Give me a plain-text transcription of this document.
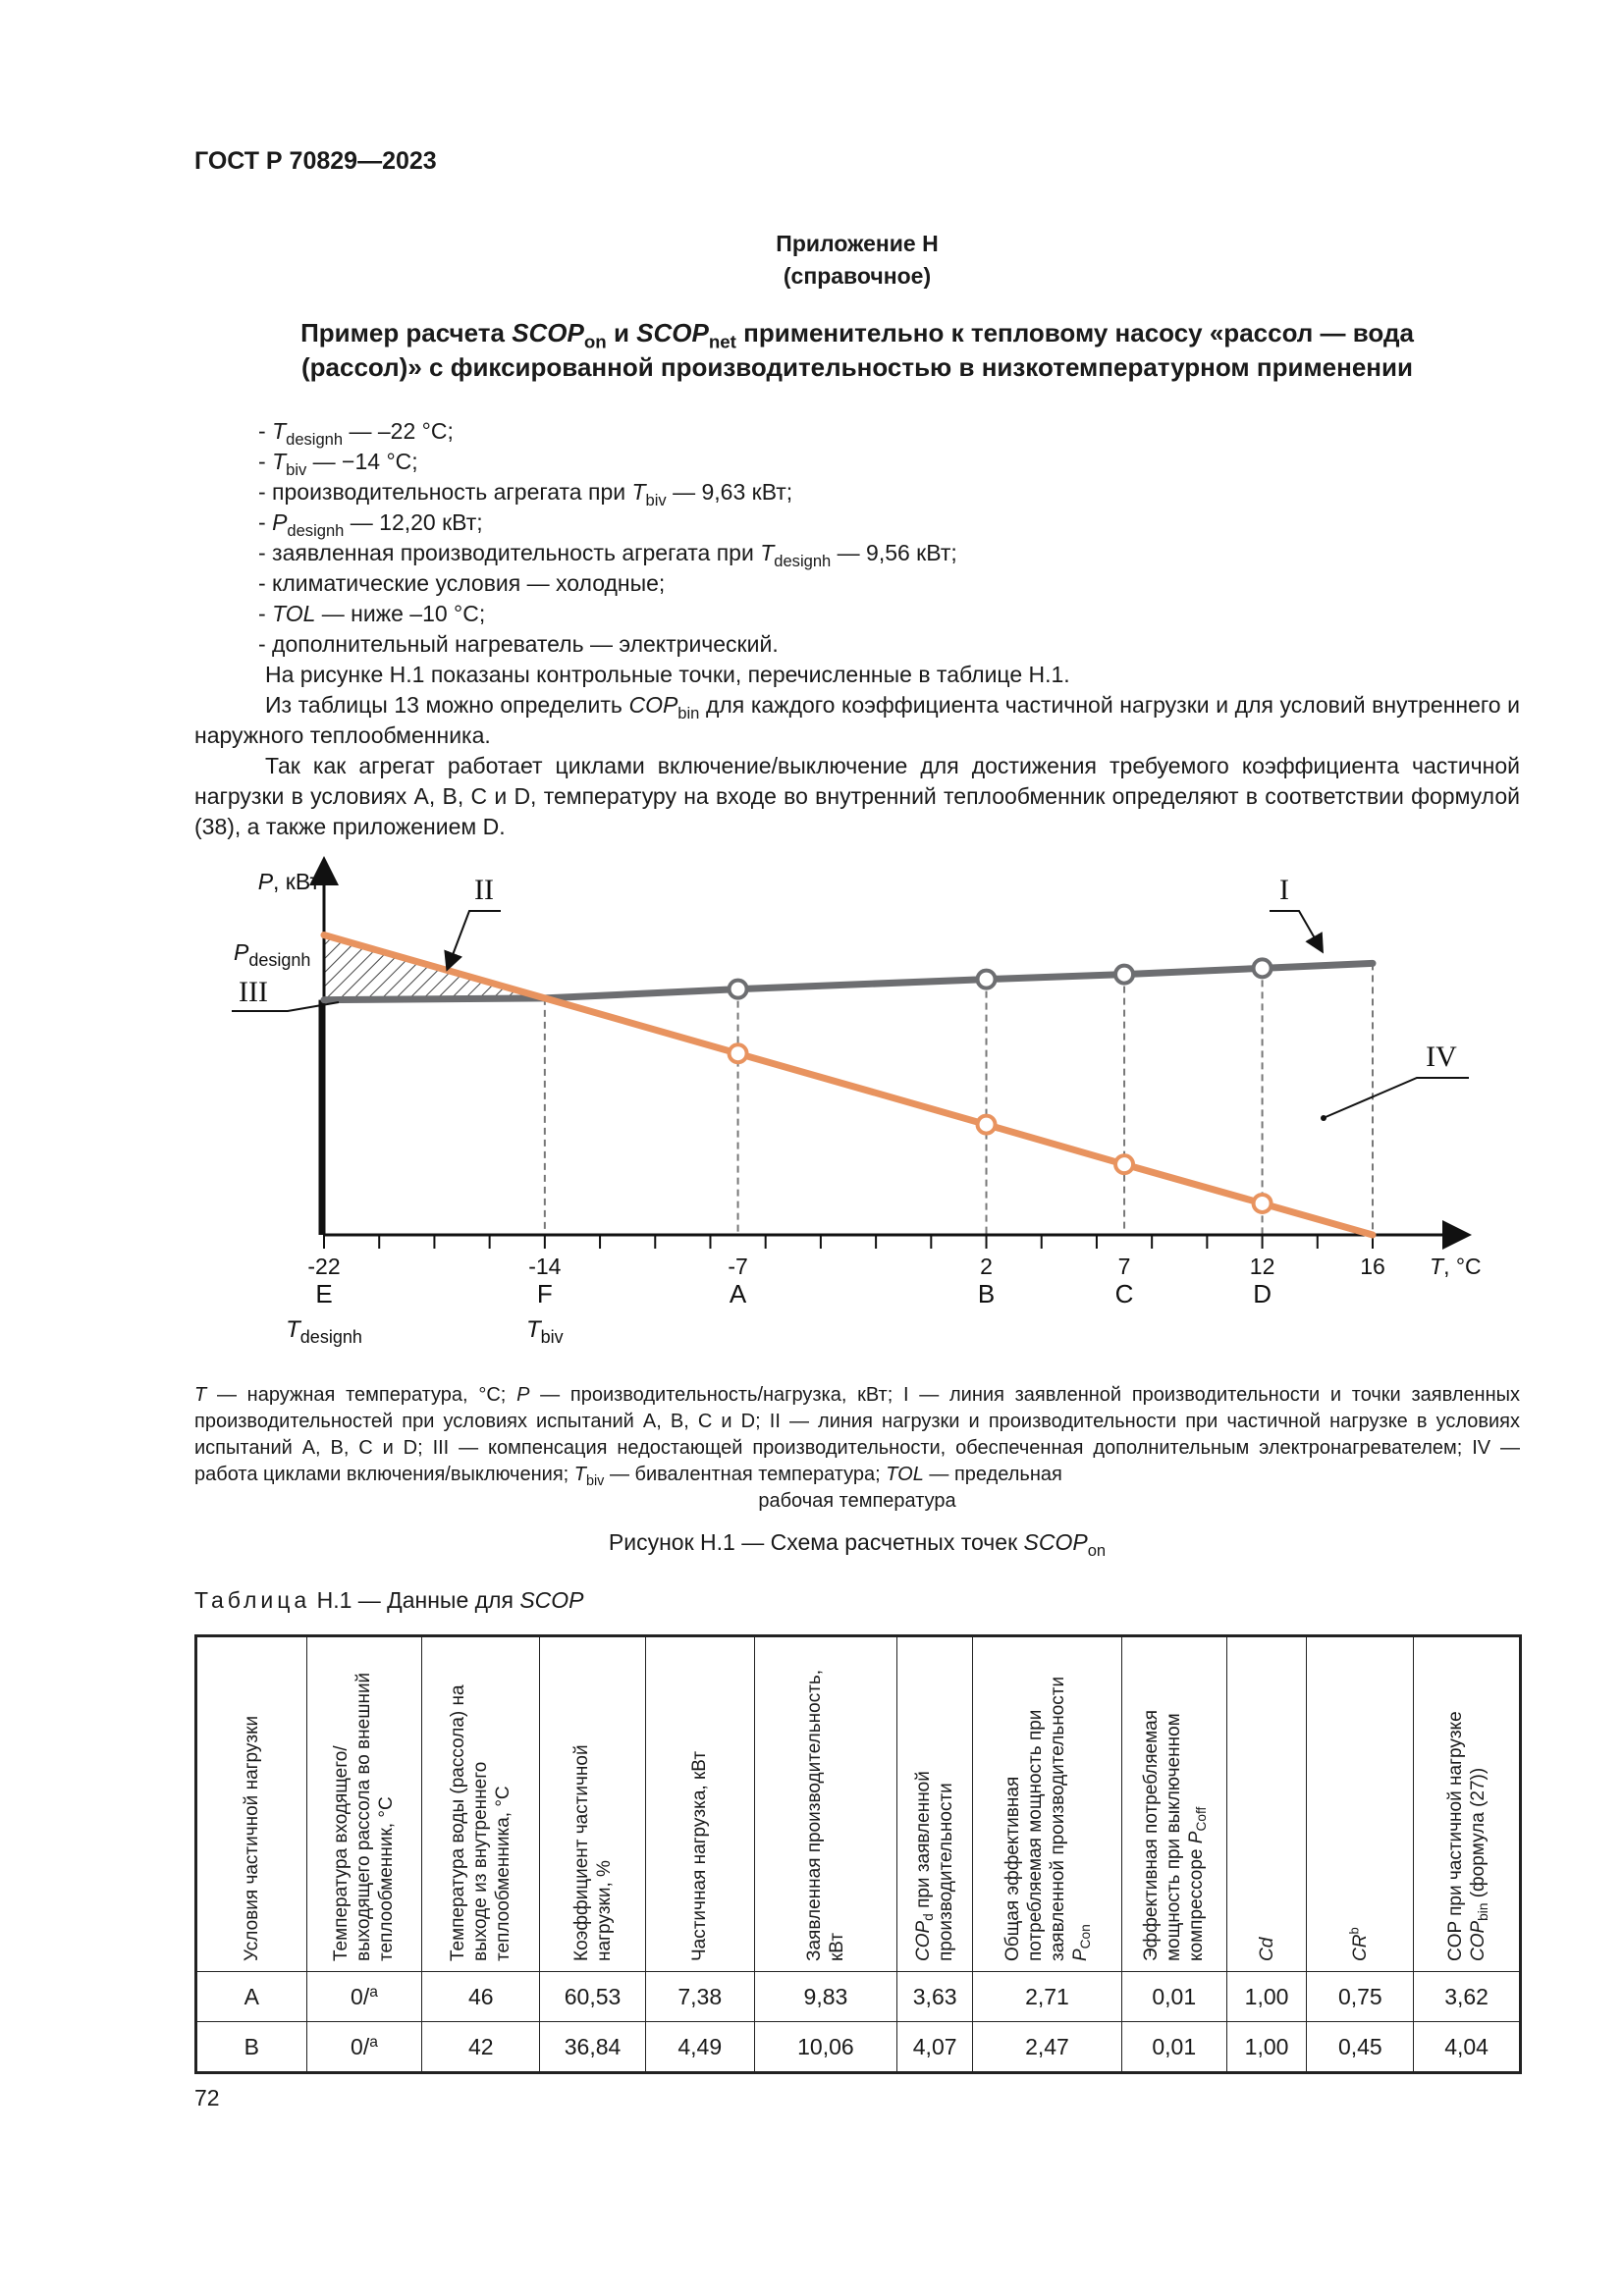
ГОСТ Р 70829—2023
Приложение Н
(справочное)
Пример расчета $SCOP_{on}$ и $SCOP_{net}$ применительно к тепловому насосу «рассол — вода
(рассол)» с фиксированной производительностью в низкотемпературном применении
- $T_{designh}$ — –22 °C;
- $T_{biv}$ — −14 °C;
- производительность агрегата при $T_{biv}$ — 9,63 кВт;
- $P_{designh}$ — 12,20 кВт;
- заявленная производительность агрегата при $T_{designh}$ — 9,56 кВт;
- климатические условия — холодные;
- TOL — ниже –10 °C;
- дополнительный нагреватель — электрический.
На рисунке Н.1 показаны контрольные точки, перечисленные в таблице Н.1.
Из таблицы 13 можно определить $COP_{bin}$ для каждого коэффициента частичной нагрузки и для условий внутреннего и наружного теплообменника.
Так как агрегат работает циклами включение/выключение для достижения требуемого коэффициента частичной нагрузки в условиях A, B, C и D, температуру на входе во внутренний теплообменник определяют в соответствии формулой (38), а также приложением D.
-22	-14	-7	2	7	12	16
E	F	A	B	C	D
$T_{designh}$	$T_{biv}$
P, кВт
T, °C
$P_{designh}$
I
II
III
IV
T — наружная температура, °C; P — производительность/нагрузка, кВт; I — линия заявленной производительности и точки заявленных производительностей при условиях испытаний A, B, C и D; II — линия нагрузки и производительности при частичной нагрузке в условиях испытаний A, B, C и D; III — компенсация недостающей производительности, обеспеченная дополнительным электронагревателем; IV — работа циклами включения/выключения; $T_{biv}$ — бивалентная температура; TOL — предельная
рабочая температура
Рисунок Н.1 — Схема расчетных точек $SCOP_{on}$
Таблица Н.1 — Данные для SCOP
Условия частичной нагрузки	Температура входящего/ выходящего рассола во внешний теплообменник, °C	Температура воды (рассола) на выходе из внутреннего теплообменника, °C	Коэффициент частичной нагрузки, %	Частичная нагрузка, кВт	Заявленная производительность, кВт	$COP_d$ при заявленной производительности	Общая эффективная потребляемая мощность при заявленной производительности $P_{Con}$	Эффективная потребляемая мощность при выключенном компрессоре $P_{Coff}$	Cd	$CR^b$	COP при частичной нагрузке $COP_{bin}$ (формула (27))

A	0/$^a$	46	60,53	7,38	9,83	3,63	2,71	0,01	1,00	0,75	3,62
B	0/$^a$	42	36,84	4,49	10,06	4,07	2,47	0,01	1,00	0,45	4,04
72
